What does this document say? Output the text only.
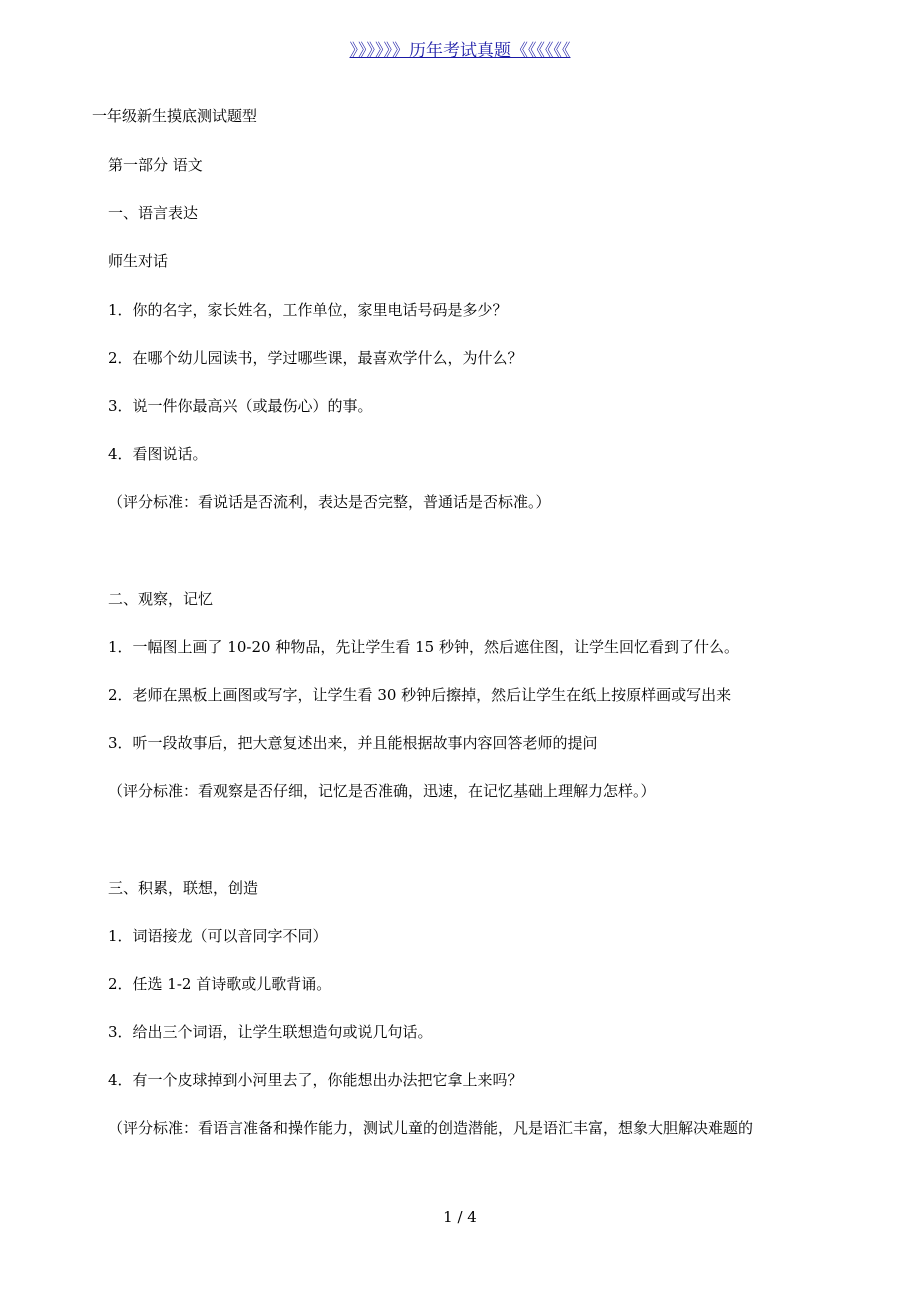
》》》》》》历年考试真题《《《《《《
一年级新生摸底测试题型
第一部分 语文
一、语言表达
师生对话
1．你的名字，家长姓名，工作单位，家里电话号码是多少？
2．在哪个幼儿园读书，学过哪些课，最喜欢学什么，为什么？
3．说一件你最高兴（或最伤心）的事。
4．看图说话。
（评分标准：看说话是否流利，表达是否完整，普通话是否标准。）
二、观察，记忆
1．一幅图上画了 10-20 种物品，先让学生看 15 秒钟，然后遮住图，让学生回忆看到了什么。
2．老师在黑板上画图或写字，让学生看 30 秒钟后擦掉，然后让学生在纸上按原样画或写出来
3．听一段故事后，把大意复述出来，并且能根据故事内容回答老师的提问
（评分标准：看观察是否仔细，记忆是否准确，迅速，在记忆基础上理解力怎样。）
三、积累，联想，创造
1．词语接龙（可以音同字不同）
2．任选 1-2 首诗歌或儿歌背诵。
3．给出三个词语，让学生联想造句或说几句话。
4．有一个皮球掉到小河里去了，你能想出办法把它拿上来吗？
（评分标准：看语言准备和操作能力，测试儿童的创造潜能，凡是语汇丰富，想象大胆解决难题的
1 / 4
